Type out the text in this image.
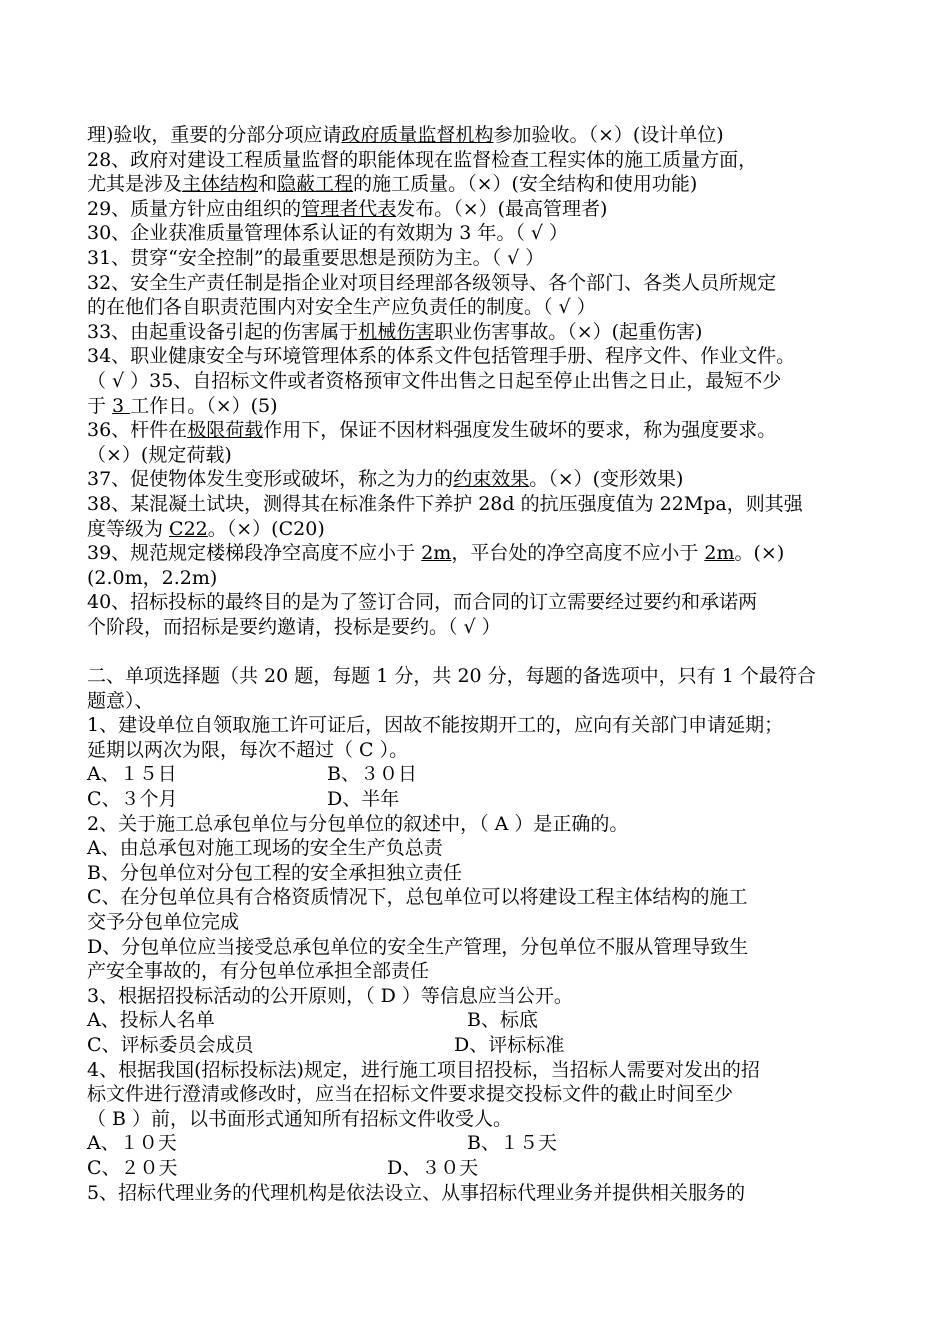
理)验收，重要的分部分项应请政府质量监督机构参加验收。（×）(设计单位)
28、政府对建设工程质量监督的职能体现在监督检查工程实体的施工质量方面，
尤其是涉及主体结构和隐蔽工程的施工质量。（×）(安全结构和使用功能)
29、质量方针应由组织的管理者代表发布。（×）(最高管理者)
30、企业获准质量管理体系认证的有效期为 3 年。（ √ ）
31、贯穿“安全控制”的最重要思想是预防为主。（ √ ）
32、安全生产责任制是指企业对项目经理部各级领导、各个部门、各类人员所规定
的在他们各自职责范围内对安全生产应负责任的制度。（ √ ）
33、由起重设备引起的伤害属于机械伤害职业伤害事故。（×）(起重伤害)
34、职业健康安全与环境管理体系的体系文件包括管理手册、程序文件、作业文件。
（ √ ）35、自招标文件或者资格预审文件出售之日起至停止出售之日止，最短不少
于 3 工作日。（×）(5)
36、杆件在极限荷载作用下，保证不因材料强度发生破坏的要求，称为强度要求。
（×）(规定荷载)
37、促使物体发生变形或破坏，称之为力的约束效果。（×）(变形效果)
38、某混凝土试块，测得其在标准条件下养护 28d 的抗压强度值为 22Mpa，则其强
度等级为 C22。（×）(C20)
39、规范规定楼梯段净空高度不应小于 2m，平台处的净空高度不应小于 2m。(×)
(2.0m，2.2m)
40、招标投标的最终目的是为了签订合同，而合同的订立需要经过要约和承诺两
个阶段，而招标是要约邀请，投标是要约。（ √ ）
二、单项选择题（共 20 题，每题 1 分，共 20 分，每题的备选项中，只有 1 个最符合
题意）、
1、建设单位自领取施工许可证后，因故不能按期开工的，应向有关部门申请延期；
延期以两次为限，每次不超过（ C ）。
A、１５日	B、３０日
C、３个月	D、半年
2、关于施工总承包单位与分包单位的叙述中，（ A ）是正确的。
A、由总承包对施工现场的安全生产负总责
B、分包单位对分包工程的安全承担独立责任
C、在分包单位具有合格资质情况下，总包单位可以将建设工程主体结构的施工
交予分包单位完成
D、分包单位应当接受总承包单位的安全生产管理，分包单位不服从管理导致生
产安全事故的，有分包单位承担全部责任
3、根据招投标活动的公开原则，（ D ）等信息应当公开。
A、投标人名单	B、标底
C、评标委员会成员	D、评标标准
4、根据我国(招标投标法)规定，进行施工项目招投标，当招标人需要对发出的招
标文件进行澄清或修改时，应当在招标文件要求提交投标文件的截止时间至少
（ B ）前，以书面形式通知所有招标文件收受人。
A、１０天	B、１５天
C、２０天	D、３０天
5、招标代理业务的代理机构是依法设立、从事招标代理业务并提供相关服务的
